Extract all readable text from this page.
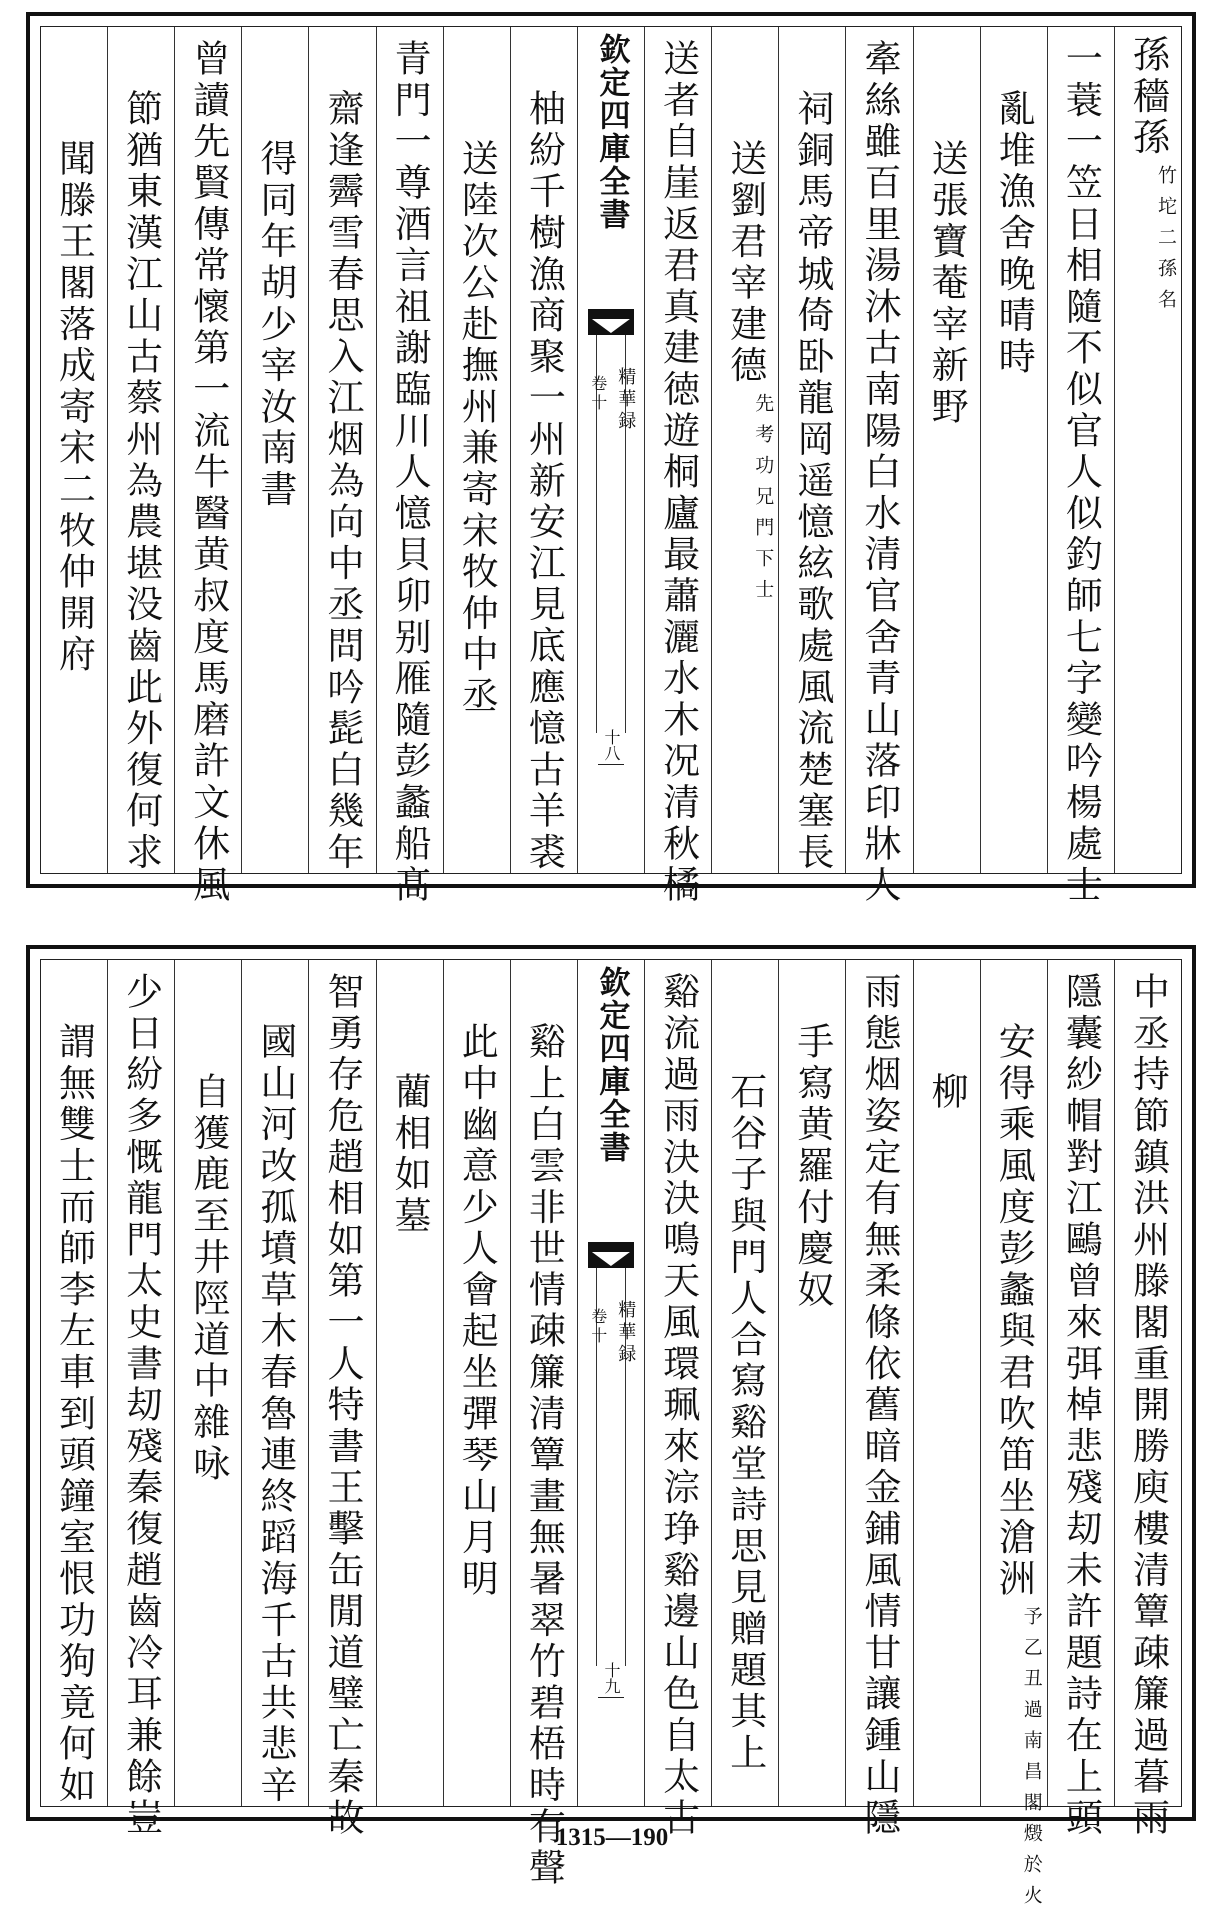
孫穡孫
竹坨二孫名
一蓑一笠日相隨不似官人似釣師七字變吟楊處士
亂堆漁舍晚晴時
送張寶菴宰新野
牽絲雖百里湯沐古南陽白水清官舍青山落印牀人
祠銅馬帝城倚卧龍岡遥憶絃歌處風流楚塞長
送劉君宰建德
先考功兄門下士
送者自崖返君真建徳遊桐廬最蕭灑水木况清秋橘
欽定四庫全書
精華録
卷十
十八
柚紛千樹漁商聚一州新安江見底應憶古羊裘
送陸次公赴撫州兼寄宋牧仲中丞
青門一尊酒言祖謝臨川人憶貝卯别雁隨彭蠡船髙
齋逢霽雪春思入江烟為向中丞問吟髭白幾年
得同年胡少宰汝南書
曾讀先賢傳常懷第一流牛醫黄叔度馬磨許文休風
節猶東漢江山古蔡州為農堪没齒此外復何求
聞滕王閣落成寄宋二牧仲開府
中丞持節鎮洪州滕閣重開勝庾樓清簟疎簾過暮雨
隱囊紗帽對江鷗曾來弭棹悲殘刧未許題詩在上頭
安得乘風度彭蠡與君吹笛坐滄洲
予乙丑過南昌閣燬於火
柳
雨態烟姿定有無柔條依舊暗金鋪風情甘讓鍾山隱
手寫黄羅付慶奴
石谷子與門人合寫谿堂詩思見贈題其上
谿流過雨決決鳴天風環珮來淙琤谿邊山色自太古
欽定四庫全書
精華録
卷十
十九
谿上白雲非世情疎簾清簟畫無暑翠竹碧梧時有聲
此中幽意少人會起坐彈琴山月明
藺相如墓
智勇存危趙相如第一人特書王擊缶閒道璧亡秦故
國山河改孤墳草木春魯連終蹈海千古共悲辛
自獲鹿至井陘道中雜咏
少日紛多慨龍門太史書刧殘秦復趙齒冷耳兼餘豈
謂無雙士而師李左車到頭鐘室恨功狗竟何如
1315—190
